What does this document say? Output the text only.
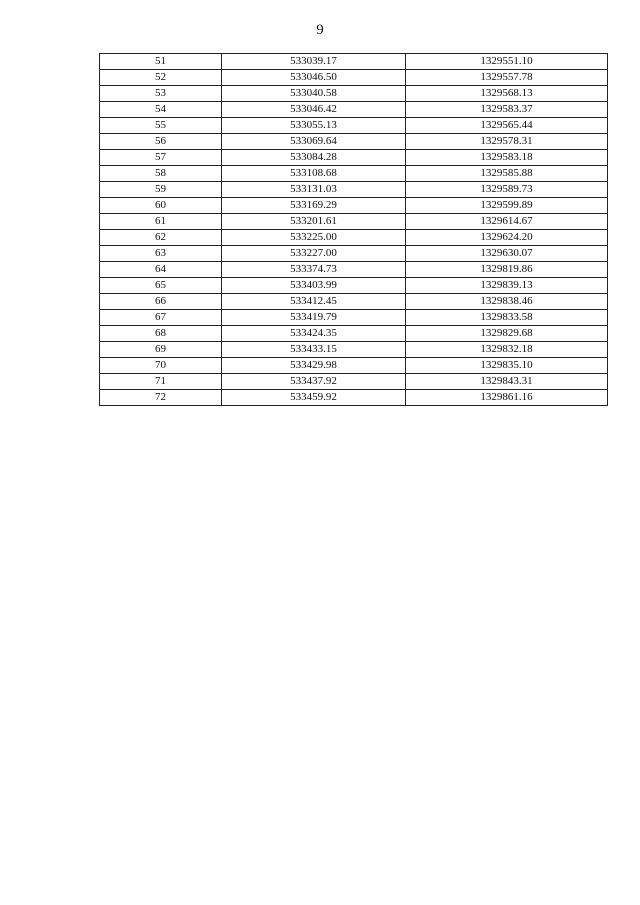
9
51	533039.17	1329551.10
52	533046.50	1329557.78
53	533040.58	1329568.13
54	533046.42	1329583.37
55	533055.13	1329565.44
56	533069.64	1329578.31
57	533084.28	1329583.18
58	533108.68	1329585.88
59	533131.03	1329589.73
60	533169.29	1329599.89
61	533201.61	1329614.67
62	533225.00	1329624.20
63	533227.00	1329630.07
64	533374.73	1329819.86
65	533403.99	1329839.13
66	533412.45	1329838.46
67	533419.79	1329833.58
68	533424.35	1329829.68
69	533433.15	1329832.18
70	533429.98	1329835.10
71	533437.92	1329843.31
72	533459.92	1329861.16
